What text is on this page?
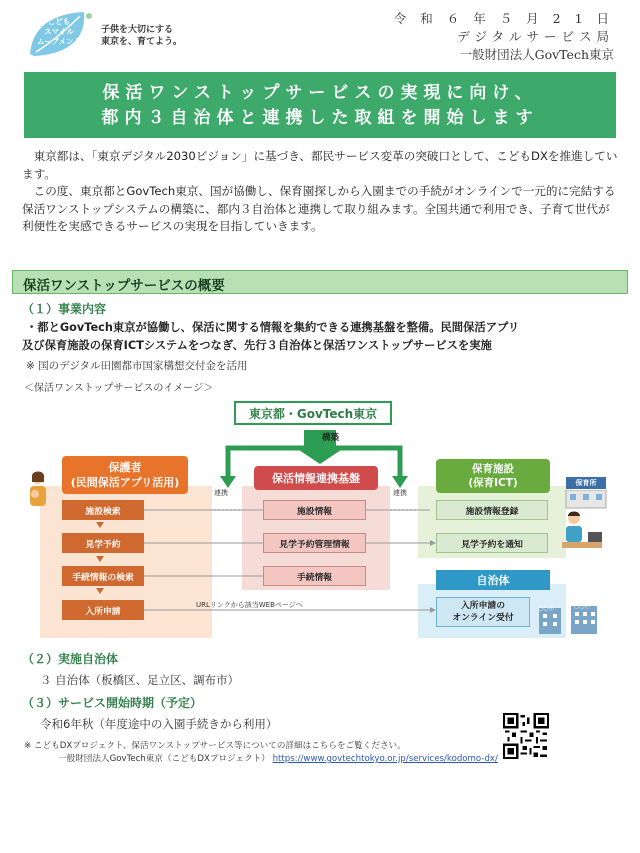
こども
スマイル
ムーブメント
子供を大切にする
東京を、育てよう。
令 和 ６ 年 ５ 月 2 1 日
デジタルサービス局
一般財団法人GovTech東京
保活ワンストップサービスの実現に向け、
都内３自治体と連携した取組を開始します

東京都は、「東京デジタル2030ビジョン」に基づき、都民サービス変革の突破口として、こどもDXを推進しています。

この度、東京都とGovTech東京、国が協働し、保育園探しから入園までの手続がオンラインで一元的に完結する保活ワンストップシステムの構築に、都内３自治体と連携して取り組みます。全国共通で利用でき、子育て世代が利便性を実感できるサービスの実現を目指していきます。

保活ワンストップサービスの概要
（１）事業内容
・都とGovTech東京が協働し、保活に関する情報を集約できる連携基盤を整備。民間保活アプリ
及び保育施設の保育ICTシステムをつなぎ、先行３自治体と保活ワンストップサービスを実施
※ 国のデジタル田園都市国家構想交付金を活用
＜保活ワンストップサービスのイメージ＞
東京都・GovTech東京
構築
保護者
(民間保活アプリ活用)
施設検索
見学予約
手続情報の検索
入所申請
連携	連携
保活情報連携基盤
施設情報
見学予約管理情報
手続情報
保育施設
(保育ICT)
施設情報登録
見学予約を通知
保育所
自治体
入所申請の
オンライン受付
URLリンクから該当WEBページへ	○○市	○○区
（２）実施自治体
３ 自治体（板橋区、足立区、調布市）
（３）サービス開始時期（予定）
令和6年秋（年度途中の入園手続きから利用）
※ こどもDXプロジェクト、保活ワンストップサービス等についての詳細はこちらをご覧ください。
一般財団法人GovTech東京（こどもDXプロジェクト） https://www.govtechtokyo.or.jp/services/kodomo-dx/
